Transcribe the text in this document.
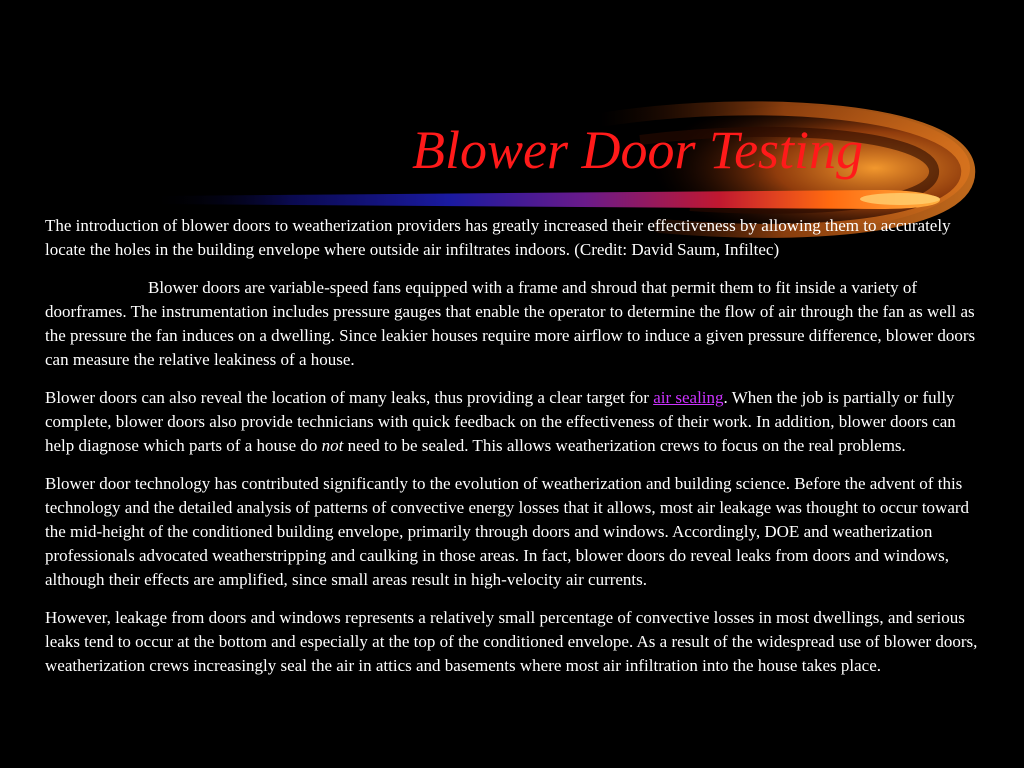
Blower Door Testing

The introduction of blower doors to weatherization providers has greatly increased their effectiveness by allowing them to accurately locate the holes in the building envelope where outside air infiltrates indoors. (Credit: David Saum, Infiltec)

Blower doors are variable-speed fans equipped with a frame and shroud that permit them to fit inside a variety of doorframes. The instrumentation includes pressure gauges that enable the operator to determine the flow of air through the fan as well as the pressure the fan induces on a dwelling. Since leakier houses require more airflow to induce a given pressure difference, blower doors can measure the relative leakiness of a house.

Blower doors can also reveal the location of many leaks, thus providing a clear target for air sealing. When the job is partially or fully complete, blower doors also provide technicians with quick feedback on the effectiveness of their work. In addition, blower doors can help diagnose which parts of a house do not need to be sealed. This allows weatherization crews to focus on the real problems.

Blower door technology has contributed significantly to the evolution of weatherization and building science. Before the advent of this technology and the detailed analysis of patterns of convective energy losses that it allows, most air leakage was thought to occur toward the mid-height of the conditioned building envelope, primarily through doors and windows. Accordingly, DOE and weatherization professionals advocated weatherstripping and caulking in those areas. In fact, blower doors do reveal leaks from doors and windows, although their effects are amplified, since small areas result in high-velocity air currents.

However, leakage from doors and windows represents a relatively small percentage of convective losses in most dwellings, and serious leaks tend to occur at the bottom and especially at the top of the conditioned envelope. As a result of the widespread use of blower doors, weatherization crews increasingly seal the air in attics and basements where most air infiltration into the house takes place.
